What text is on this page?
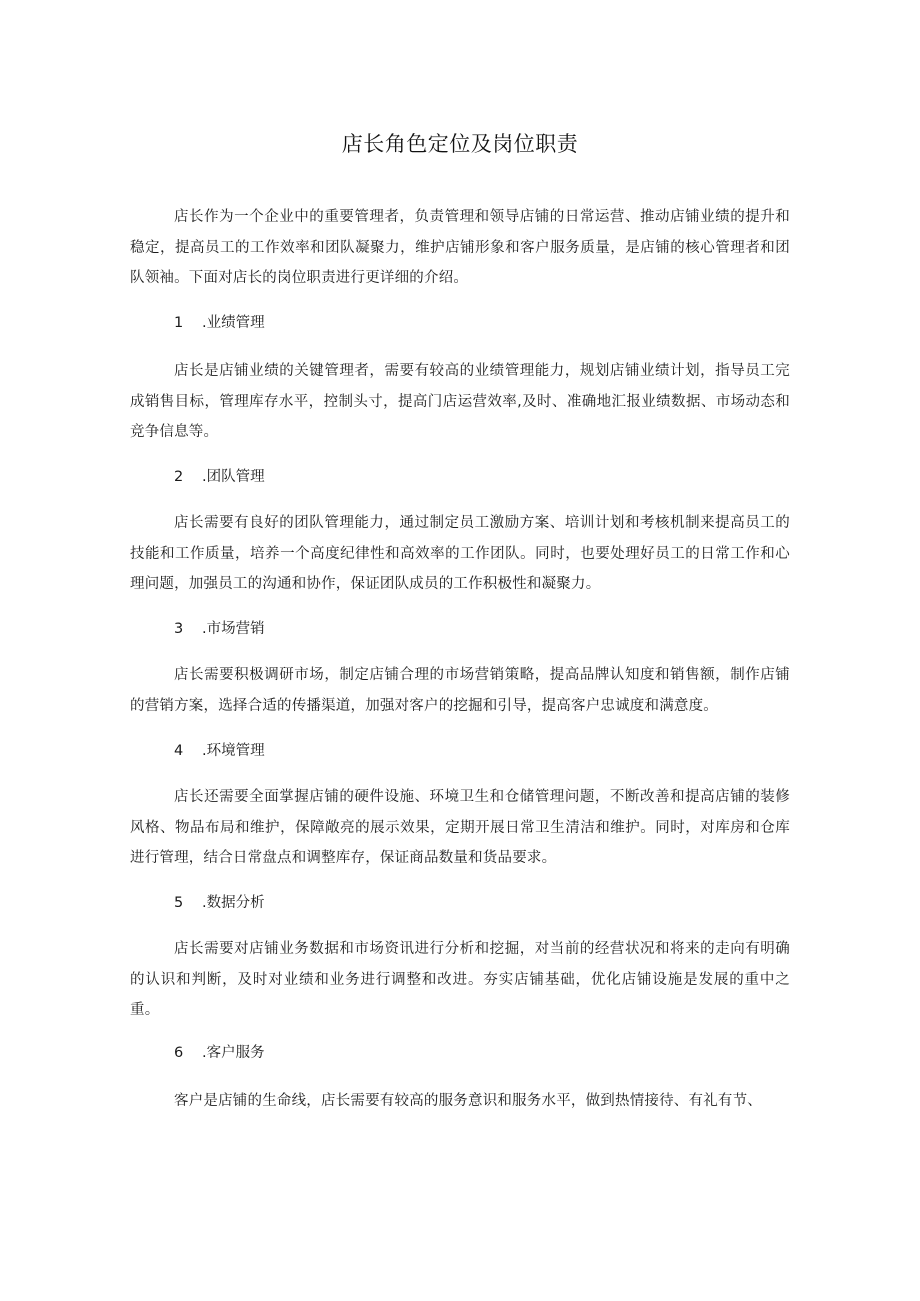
店长角色定位及岗位职责

店长作为一个企业中的重要管理者，负责管理和领导店铺的日常运营、推动店铺业绩的提升和稳定，提高员工的工作效率和团队凝聚力，维护店铺形象和客户服务质量，是店铺的核心管理者和团队领袖。下面对店长的岗位职责进行更详细的介绍。

1 .业绩管理

店长是店铺业绩的关键管理者，需要有较高的业绩管理能力，规划店铺业绩计划，指导员工完成销售目标，管理库存水平，控制头寸，提高门店运营效率,及时、准确地汇报业绩数据、市场动态和竞争信息等。

2 .团队管理

店长需要有良好的团队管理能力，通过制定员工激励方案、培训计划和考核机制来提高员工的技能和工作质量，培养一个高度纪律性和高效率的工作团队。同时，也要处理好员工的日常工作和心理问题，加强员工的沟通和协作，保证团队成员的工作积极性和凝聚力。

3 .市场营销

店长需要积极调研市场，制定店铺合理的市场营销策略，提高品牌认知度和销售额，制作店铺的营销方案，选择合适的传播渠道，加强对客户的挖掘和引导，提高客户忠诚度和满意度。

4 .环境管理

店长还需要全面掌握店铺的硬件设施、环境卫生和仓储管理问题，不断改善和提高店铺的装修风格、物品布局和维护，保障敞亮的展示效果，定期开展日常卫生清洁和维护。同时，对库房和仓库进行管理，结合日常盘点和调整库存，保证商品数量和货品要求。

5 .数据分析

店长需要对店铺业务数据和市场资讯进行分析和挖掘，对当前的经营状况和将来的走向有明确的认识和判断，及时对业绩和业务进行调整和改进。夯实店铺基础，优化店铺设施是发展的重中之重。

6 .客户服务

客户是店铺的生命线，店长需要有较高的服务意识和服务水平，做到热情接待、有礼有节、
